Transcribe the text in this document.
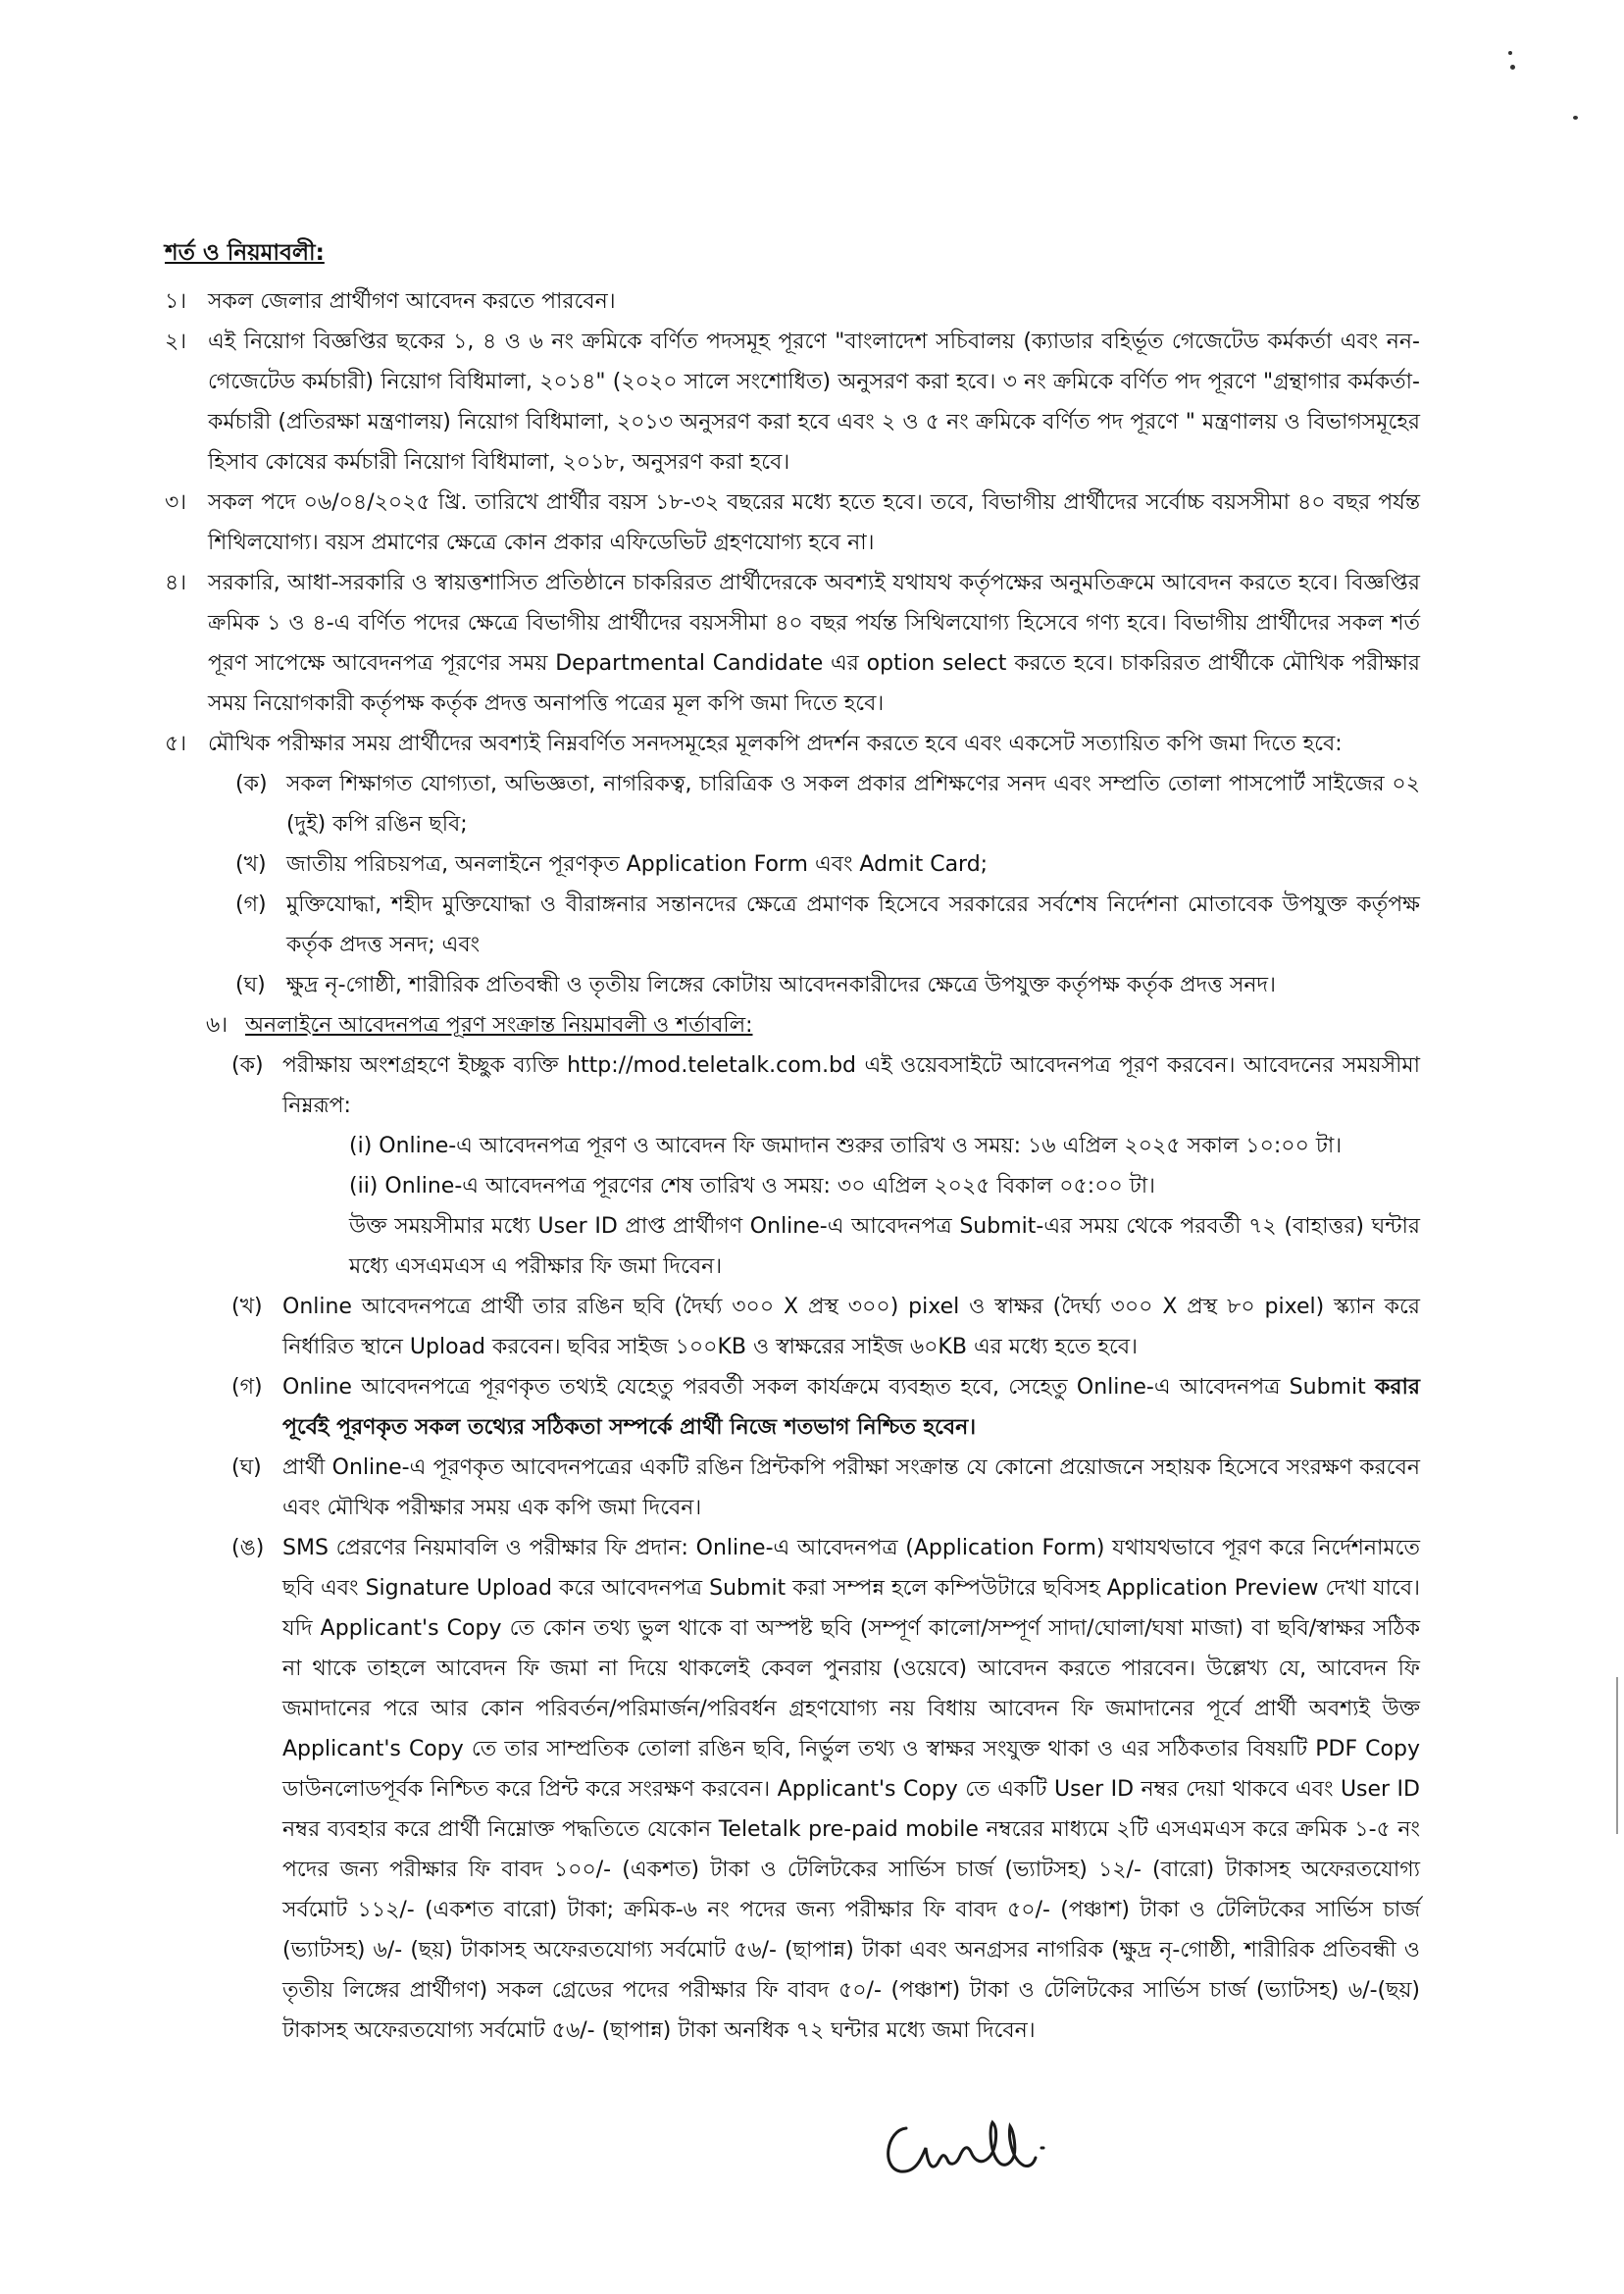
শর্ত ও নিয়মাবলী:
১। সকল জেলার প্রার্থীগণ আবেদন করতে পারবেন।
২। এই নিয়োগ বিজ্ঞপ্তির ছকের ১, ৪ ও ৬ নং ক্রমিকে বর্ণিত পদসমূহ পূরণে "বাংলাদেশ সচিবালয় (ক্যাডার বহির্ভূত গেজেটেড কর্মকর্তা এবং নন-গেজেটেড কর্মচারী) নিয়োগ বিধিমালা, ২০১৪" (২০২০ সালে সংশোধিত) অনুসরণ করা হবে। ৩ নং ক্রমিকে বর্ণিত পদ পূরণে "গ্রন্থাগার কর্মকর্তা-কর্মচারী (প্রতিরক্ষা মন্ত্রণালয়) নিয়োগ বিধিমালা, ২০১৩ অনুসরণ করা হবে এবং ২ ও ৫ নং ক্রমিকে বর্ণিত পদ পূরণে " মন্ত্রণালয় ও বিভাগসমূহের হিসাব কোষের কর্মচারী নিয়োগ বিধিমালা, ২০১৮, অনুসরণ করা হবে।
৩। সকল পদে ০৬/০৪/২০২৫ খ্রি. তারিখে প্রার্থীর বয়স ১৮-৩২ বছরের মধ্যে হতে হবে। তবে, বিভাগীয় প্রার্থীদের সর্বোচ্চ বয়সসীমা ৪০ বছর পর্যন্ত শিথিলযোগ্য। বয়স প্রমাণের ক্ষেত্রে কোন প্রকার এফিডেভিট গ্রহণযোগ্য হবে না।
৪। সরকারি, আধা-সরকারি ও স্বায়ত্তশাসিত প্রতিষ্ঠানে চাকরিরত প্রার্থীদেরকে অবশ্যই যথাযথ কর্তৃপক্ষের অনুমতিক্রমে আবেদন করতে হবে। বিজ্ঞপ্তির ক্রমিক ১ ও ৪-এ বর্ণিত পদের ক্ষেত্রে বিভাগীয় প্রার্থীদের বয়সসীমা ৪০ বছর পর্যন্ত সিথিলযোগ্য হিসেবে গণ্য হবে। বিভাগীয় প্রার্থীদের সকল শর্ত পূরণ সাপেক্ষে আবেদনপত্র পূরণের সময় Departmental Candidate এর option select করতে হবে। চাকরিরত প্রার্থীকে মৌখিক পরীক্ষার সময় নিয়োগকারী কর্তৃপক্ষ কর্তৃক প্রদত্ত অনাপত্তি পত্রের মূল কপি জমা দিতে হবে।
৫। মৌখিক পরীক্ষার সময় প্রার্থীদের অবশ্যই নিম্নবর্ণিত সনদসমূহের মূলকপি প্রদর্শন করতে হবে এবং একসেট সত্যায়িত কপি জমা দিতে হবে:
(ক) সকল শিক্ষাগত যোগ্যতা, অভিজ্ঞতা, নাগরিকত্ব, চারিত্রিক ও সকল প্রকার প্রশিক্ষণের সনদ এবং সম্প্রতি তোলা পাসপোর্ট সাইজের ০২ (দুই) কপি রঙিন ছবি;
(খ) জাতীয় পরিচয়পত্র, অনলাইনে পূরণকৃত Application Form এবং Admit Card;
(গ) মুক্তিযোদ্ধা, শহীদ মুক্তিযোদ্ধা ও বীরাঙ্গনার সন্তানদের ক্ষেত্রে প্রমাণক হিসেবে সরকারের সর্বশেষ নির্দেশনা মোতাবেক উপযুক্ত কর্তৃপক্ষ কর্তৃক প্রদত্ত সনদ; এবং
(ঘ) ক্ষুদ্র নৃ-গোষ্ঠী, শারীরিক প্রতিবন্ধী ও তৃতীয় লিঙ্গের কোটায় আবেদনকারীদের ক্ষেত্রে উপযুক্ত কর্তৃপক্ষ কর্তৃক প্রদত্ত সনদ।
৬। অনলাইনে আবেদনপত্র পূরণ সংক্রান্ত নিয়মাবলী ও শর্তাবলি:
(ক) পরীক্ষায় অংশগ্রহণে ইচ্ছুক ব্যক্তি http://mod.teletalk.com.bd এই ওয়েবসাইটে আবেদনপত্র পূরণ করবেন। আবেদনের সময়সীমা নিম্নরূপ:
(i) Online-এ আবেদনপত্র পূরণ ও আবেদন ফি জমাদান শুরুর তারিখ ও সময়: ১৬ এপ্রিল ২০২৫ সকাল ১০:০০ টা।
(ii) Online-এ আবেদনপত্র পূরণের শেষ তারিখ ও সময়: ৩০ এপ্রিল ২০২৫ বিকাল ০৫:০০ টা।
উক্ত সময়সীমার মধ্যে User ID প্রাপ্ত প্রার্থীগণ Online-এ আবেদনপত্র Submit-এর সময় থেকে পরবর্তী ৭২ (বাহাত্তর) ঘন্টার মধ্যে এসএমএস এ পরীক্ষার ফি জমা দিবেন।
(খ) Online আবেদনপত্রে প্রার্থী তার রঙিন ছবি (দৈর্ঘ্য ৩০০ X প্রস্থ ৩০০) pixel ও স্বাক্ষর (দৈর্ঘ্য ৩০০ X প্রস্থ ৮০ pixel) স্ক্যান করে নির্ধারিত স্থানে Upload করবেন। ছবির সাইজ ১০০KB ও স্বাক্ষরের সাইজ ৬০KB এর মধ্যে হতে হবে।
(গ) Online আবেদনপত্রে পূরণকৃত তথ্যই যেহেতু পরবর্তী সকল কার্যক্রমে ব্যবহৃত হবে, সেহেতু Online-এ আবেদনপত্র Submit করার পূর্বেই পূরণকৃত সকল তথ্যের সঠিকতা সম্পর্কে প্রার্থী নিজে শতভাগ নিশ্চিত হবেন।
(ঘ) প্রার্থী Online-এ পূরণকৃত আবেদনপত্রের একটি রঙিন প্রিন্টকপি পরীক্ষা সংক্রান্ত যে কোনো প্রয়োজনে সহায়ক হিসেবে সংরক্ষণ করবেন এবং মৌখিক পরীক্ষার সময় এক কপি জমা দিবেন।
(ঙ) SMS প্রেরণের নিয়মাবলি ও পরীক্ষার ফি প্রদান: Online-এ আবেদনপত্র (Application Form) যথাযথভাবে পূরণ করে নির্দেশনামতে ছবি এবং Signature Upload করে আবেদনপত্র Submit করা সম্পন্ন হলে কম্পিউটারে ছবিসহ Application Preview দেখা যাবে। যদি Applicant's Copy তে কোন তথ্য ভুল থাকে বা অস্পষ্ট ছবি (সম্পূর্ণ কালো/সম্পূর্ণ সাদা/ঘোলা/ঘষা মাজা) বা ছবি/স্বাক্ষর সঠিক না থাকে তাহলে আবেদন ফি জমা না দিয়ে থাকলেই কেবল পুনরায় (ওয়েবে) আবেদন করতে পারবেন। উল্লেখ্য যে, আবেদন ফি জমাদানের পরে আর কোন পরিবর্তন/পরিমার্জন/পরিবর্ধন গ্রহণযোগ্য নয় বিধায় আবেদন ফি জমাদানের পূর্বে প্রার্থী অবশ্যই উক্ত Applicant's Copy তে তার সাম্প্রতিক তোলা রঙিন ছবি, নির্ভুল তথ্য ও স্বাক্ষর সংযুক্ত থাকা ও এর সঠিকতার বিষয়টি PDF Copy ডাউনলোডপূর্বক নিশ্চিত করে প্রিন্ট করে সংরক্ষণ করবেন। Applicant's Copy তে একটি User ID নম্বর দেয়া থাকবে এবং User ID নম্বর ব্যবহার করে প্রার্থী নিম্নোক্ত পদ্ধতিতে যেকোন Teletalk pre-paid mobile নম্বরের মাধ্যমে ২টি এসএমএস করে ক্রমিক ১-৫ নং পদের জন্য পরীক্ষার ফি বাবদ ১০০/- (একশত) টাকা ও টেলিটকের সার্ভিস চার্জ (ভ্যাটসহ) ১২/- (বারো) টাকাসহ অফেরতযোগ্য সর্বমোট ১১২/- (একশত বারো) টাকা; ক্রমিক-৬ নং পদের জন্য পরীক্ষার ফি বাবদ ৫০/- (পঞ্চাশ) টাকা ও টেলিটকের সার্ভিস চার্জ (ভ্যাটসহ) ৬/- (ছয়) টাকাসহ অফেরতযোগ্য সর্বমোট ৫৬/- (ছাপান্ন) টাকা এবং অনগ্রসর নাগরিক (ক্ষুদ্র নৃ-গোষ্ঠী, শারীরিক প্রতিবন্ধী ও তৃতীয় লিঙ্গের প্রার্থীগণ) সকল গ্রেডের পদের পরীক্ষার ফি বাবদ ৫০/- (পঞ্চাশ) টাকা ও টেলিটকের সার্ভিস চার্জ (ভ্যাটসহ) ৬/-(ছয়) টাকাসহ অফেরতযোগ্য সর্বমোট ৫৬/- (ছাপান্ন) টাকা অনধিক ৭২ ঘন্টার মধ্যে জমা দিবেন।
